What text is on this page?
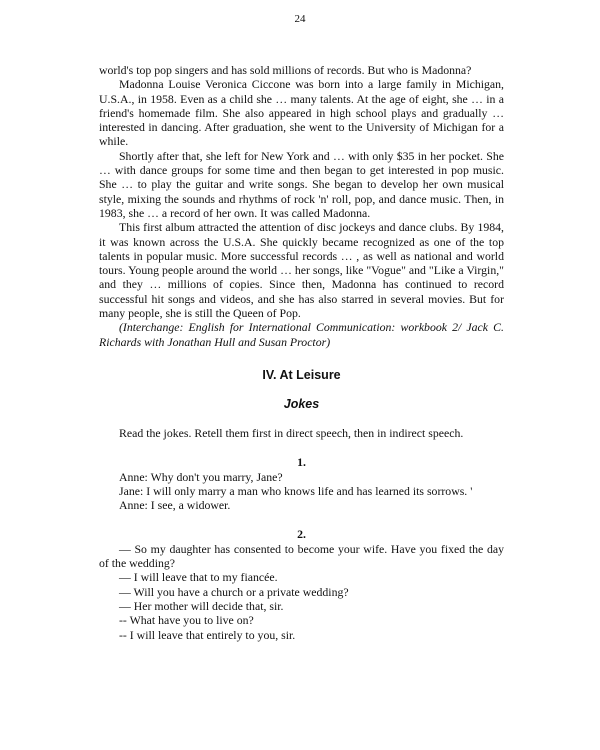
24

world's top pop singers and has sold millions of records. But who is Madonna?

Madonna Louise Veronica Ciccone was born into a large family in Michigan, U.S.A., in 1958. Even as a child she … many talents. At the age of eight, she … in a friend's homemade film. She also appeared in high school plays and gradually … interested in dancing. After graduation, she went to the University of Michigan for a while.

Shortly after that, she left for New York and … with only $35 in her pocket. She … with dance groups for some time and then began to get interested in pop music. She … to play the guitar and write songs. She began to develop her own musical style, mixing the sounds and rhythms of rock 'n' roll, pop, and dance music. Then, in 1983, she … a record of her own. It was called Madonna.

This first album attracted the attention of disc jockeys and dance clubs. By 1984, it was known across the U.S.A. She quickly became recognized as one of the top talents in popular music. More successful records … , as well as national and world tours. Young people around the world … her songs, like "Vogue" and "Like a Virgin," and they … millions of copies. Since then, Madonna has continued to record successful hit songs and videos, and she has also starred in several movies. But for many people, she is still the Queen of Pop.

(Interchange: English for International Communication: workbook 2/ Jack C. Richards with Jonathan Hull and Susan Proctor)

IV. At Leisure
Jokes

Read the jokes. Retell them first in direct speech, then in indirect speech.

1.

Anne: Why don't you marry, Jane?

Jane: I will only marry a man who knows life and has learned its sorrows. '

Anne: I see, a widower.

2.

— So my daughter has consented to become your wife. Have you fixed the day of the wedding?

— I will leave that to my fiancée.

— Will you have a church or a private wedding?

— Her mother will decide that, sir.

-- What have you to live on?

-- I will leave that entirely to you, sir.
